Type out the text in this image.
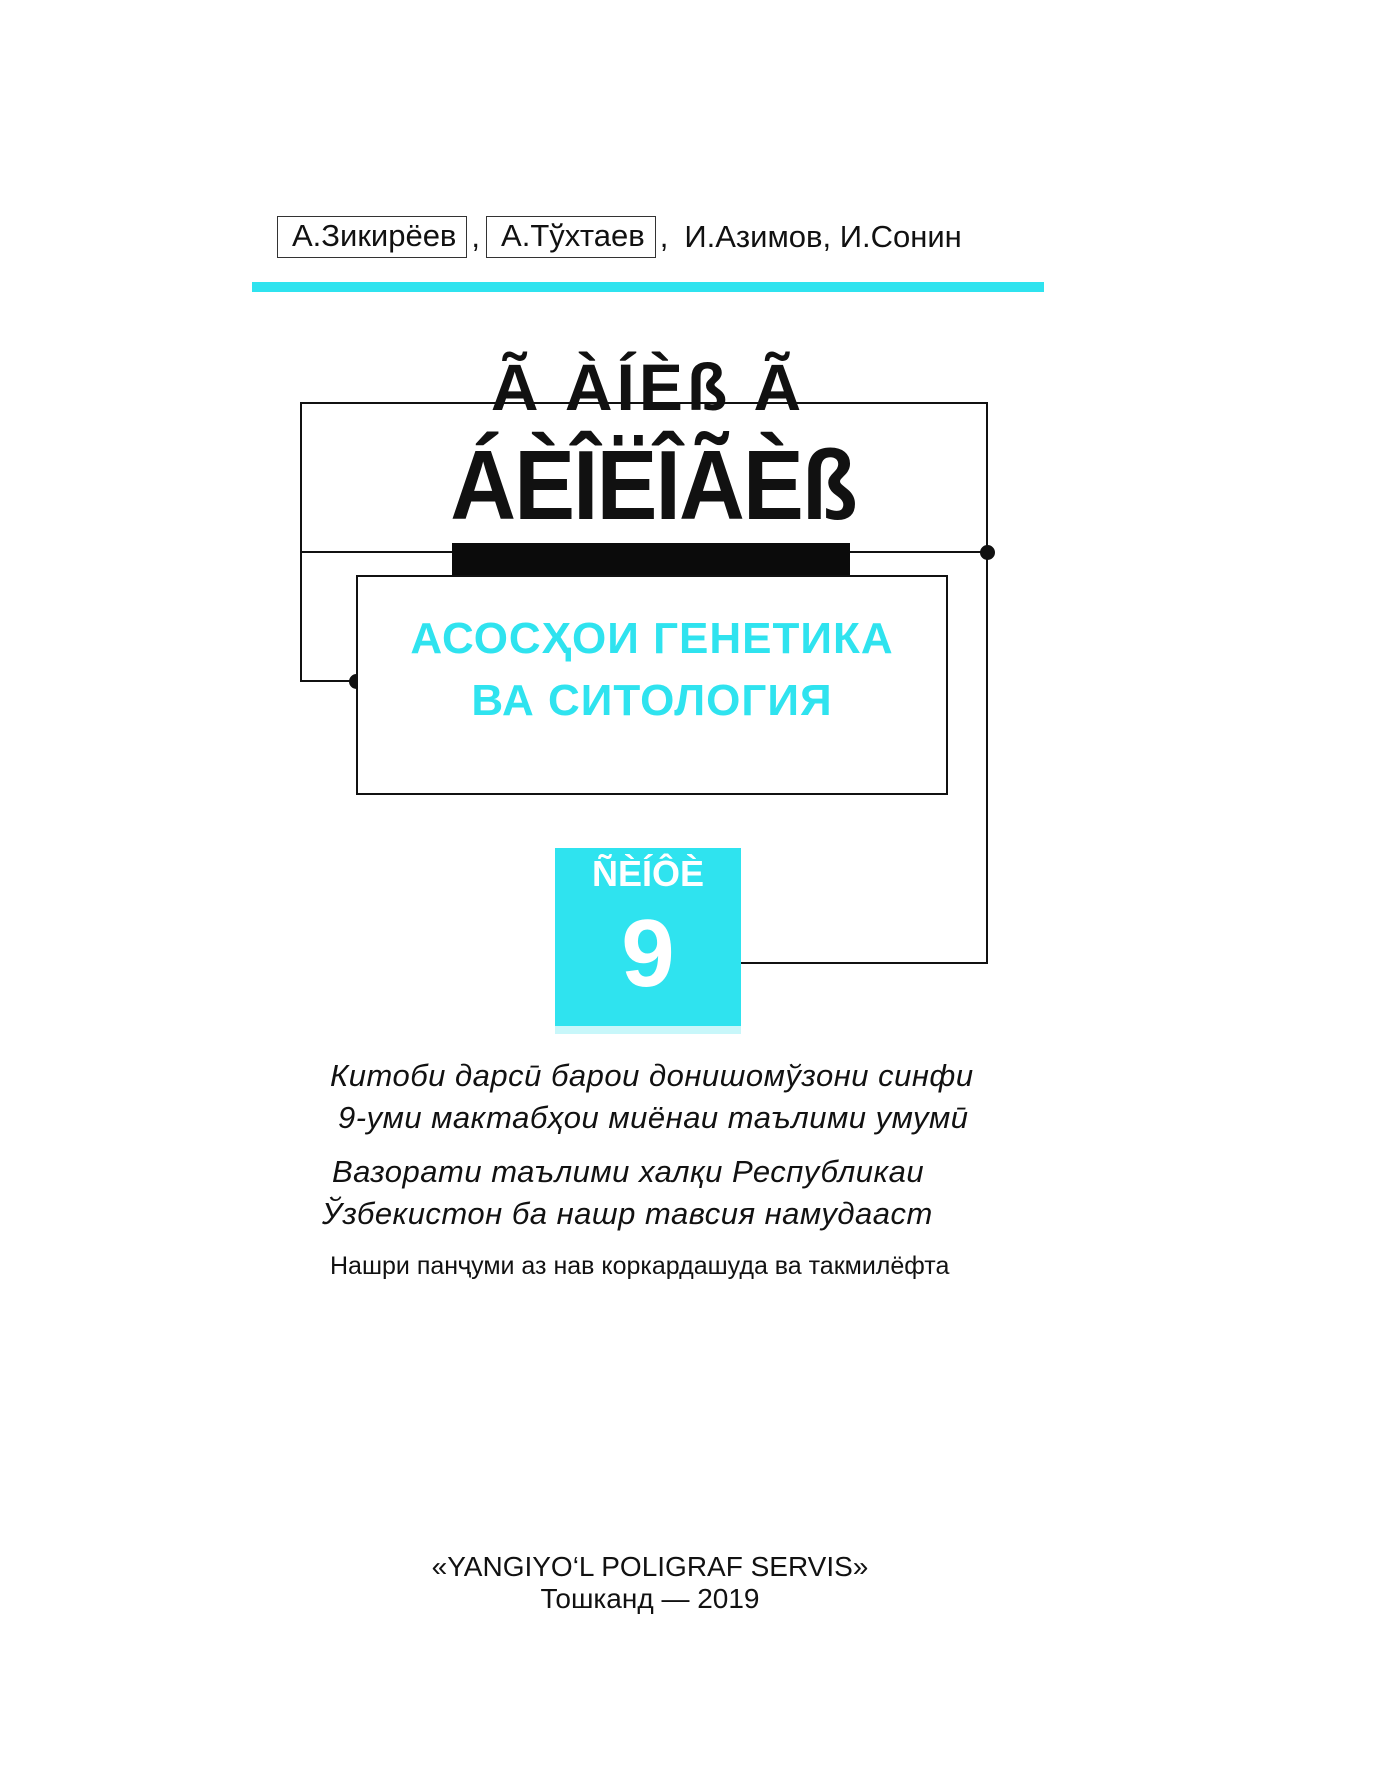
А.Зикирёев , А.Тўхтаев , И.Азимов, И.Сонин
Ã ÀÍÈß Ã
ÁÈÎËÎÃÈß
АСОСҲОИ ГЕНЕТИКА
ВА СИТОЛОГИЯ
ÑÈÍÔÈ
9
Китоби дарсӣ барои донишомўзони синфи
9-уми мактабҳои миёнаи таълими умумӣ
Вазорати таълими халқи Республикаи
Ўзбекистон ба нашр тавсия намудааст
Нашри панҷуми аз нав коркардашуда ва такмилёфта
«YANGIYO‘L POLIGRAF SERVIS»
Тошканд — 2019
